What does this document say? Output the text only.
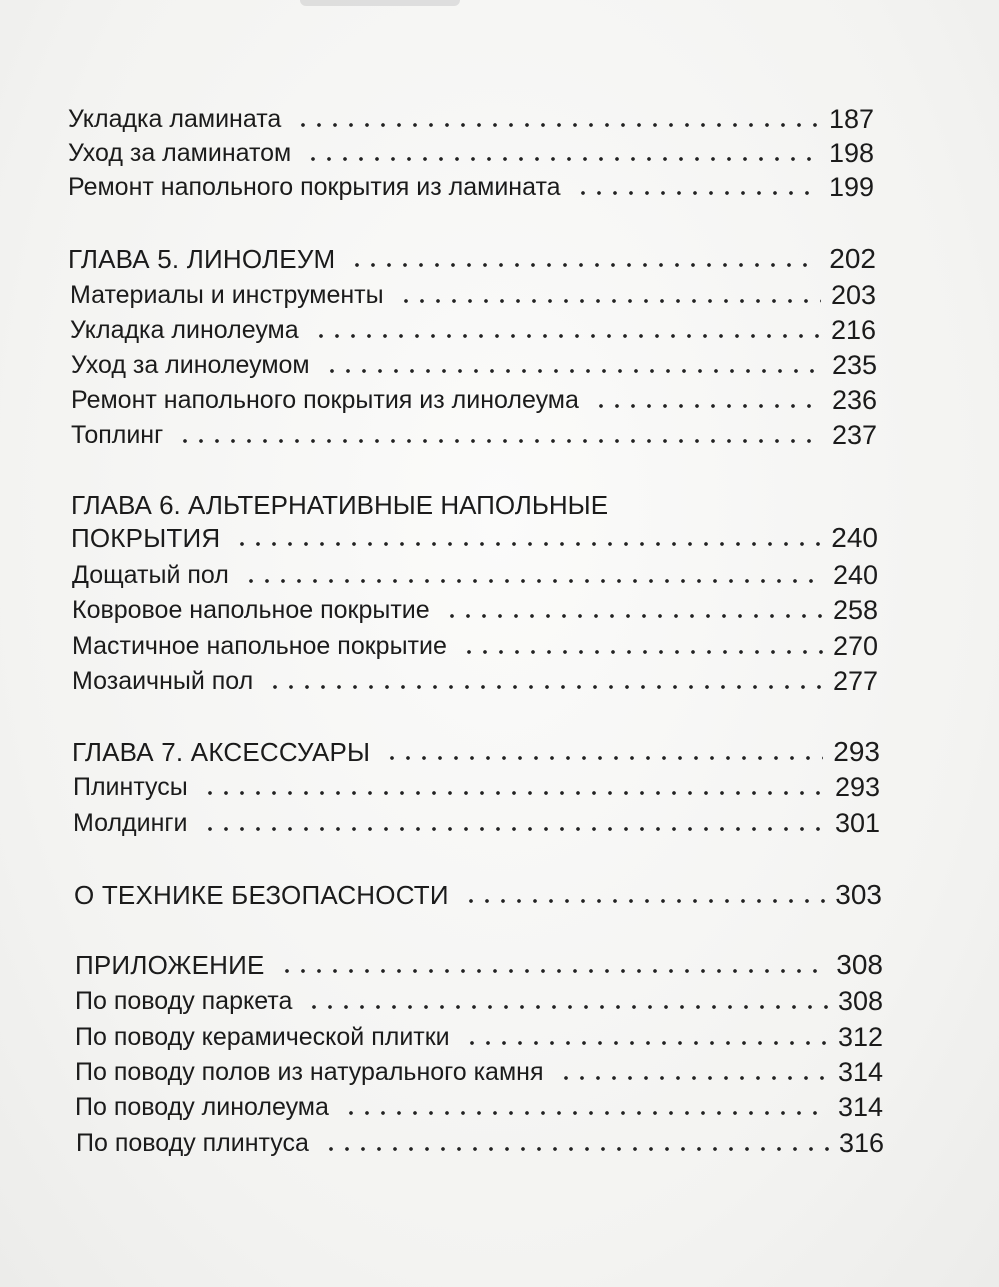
Укладка ламината	187
Уход за ламинатом	198
Ремонт напольного покрытия из ламината	199
ГЛАВА 5. ЛИНОЛЕУМ	202
Материалы и инструменты	203
Укладка линолеума	216
Уход за линолеумом	235
Ремонт напольного покрытия из линолеума	236
Топлинг	237
ГЛАВА 6. АЛЬТЕРНАТИВНЫЕ НАПОЛЬНЫЕ
ПОКРЫТИЯ	240
Дощатый пол	240
Ковровое напольное покрытие	258
Мастичное напольное покрытие	270
Мозаичный пол	277
ГЛАВА 7. АКСЕССУАРЫ	293
Плинтусы	293
Молдинги	301
О ТЕХНИКЕ БЕЗОПАСНОСТИ	303
ПРИЛОЖЕНИЕ	308
По поводу паркета	308
По поводу керамической плитки	312
По поводу полов из натурального камня	314
По поводу линолеума	314
По поводу плинтуса	316
